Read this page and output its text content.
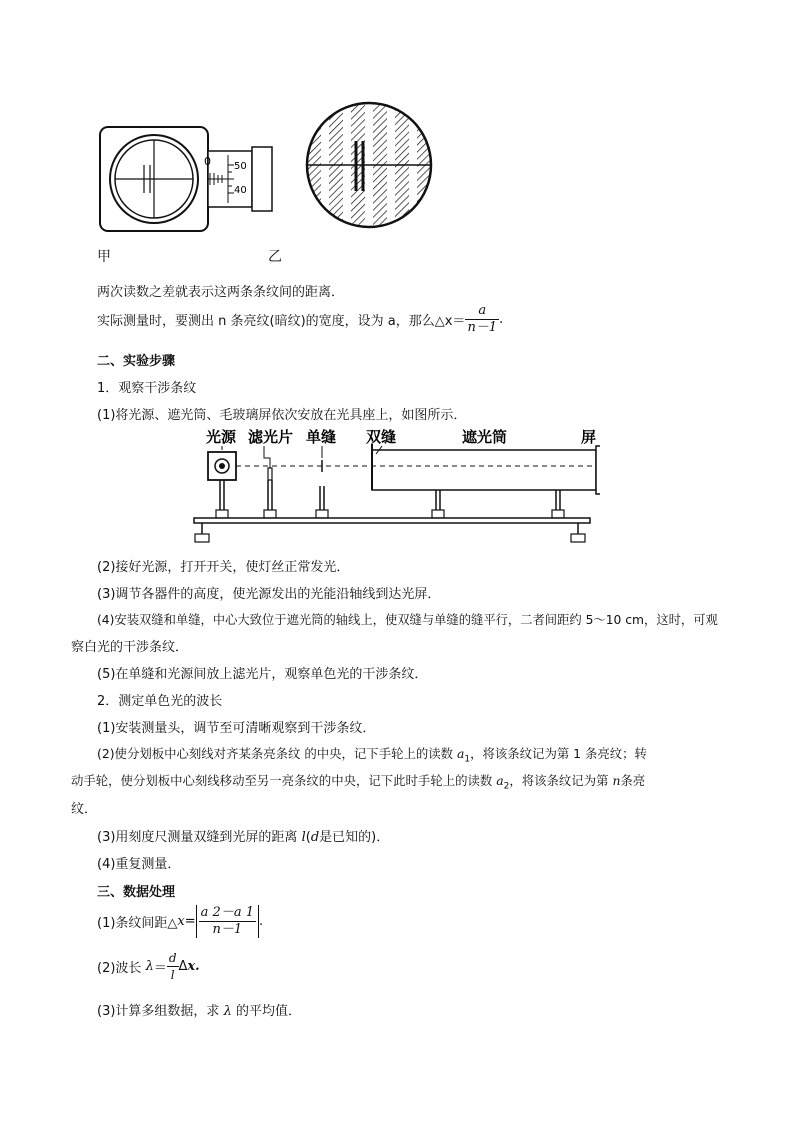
0 50
40
甲	乙
两次读数之差就表示这两条条纹间的距离．
实际测量时，要测出 n 条亮纹(暗纹)的宽度，设为 a，那么△x＝ $\frac{a}{n-1}$ .
二、实验步骤
1．观察干涉条纹
(1)将光源、遮光筒、毛玻璃屏依次安放在光具座上，如图所示．
光源 滤光片 单缝 双缝	遮光筒	屏
(2)接好光源，打开开关，使灯丝正常发光．
(3)调节各器件的高度，使光源发出的光能沿轴线到达光屏．
(4)安装双缝和单缝，中心大致位于遮光筒的轴线上，使双缝与单缝的缝平行，二者间距约 5～10 cm，这时，可观
察白光的干涉条纹．
(5)在单缝和光源间放上滤光片，观察单色光的干涉条纹．
2．测定单色光的波长
(1)安装测量头，调节至可清晰观察到干涉条纹．
(2)使分划板中心刻线对齐某条亮条纹 的中央，记下手轮上的读数 $a_1$，将该条纹记为第 1 条亮纹；转
动手轮，使分划板中心刻线移动至另一亮条纹的中央，记下此时手轮上的读数 $a_2$，将该条纹记为第 n条亮
纹．
(3)用刻度尺测量双缝到光屏的距离 l(d是已知的)．
(4)重复测量．
三、数据处理
(1)条纹间距△x= $\frac{a 2-a 1}{n-1}$ .
(2)波长 $\lambda= \frac{d}{l} \Delta x$.
(3)计算多组数据，求 λ 的平均值．
